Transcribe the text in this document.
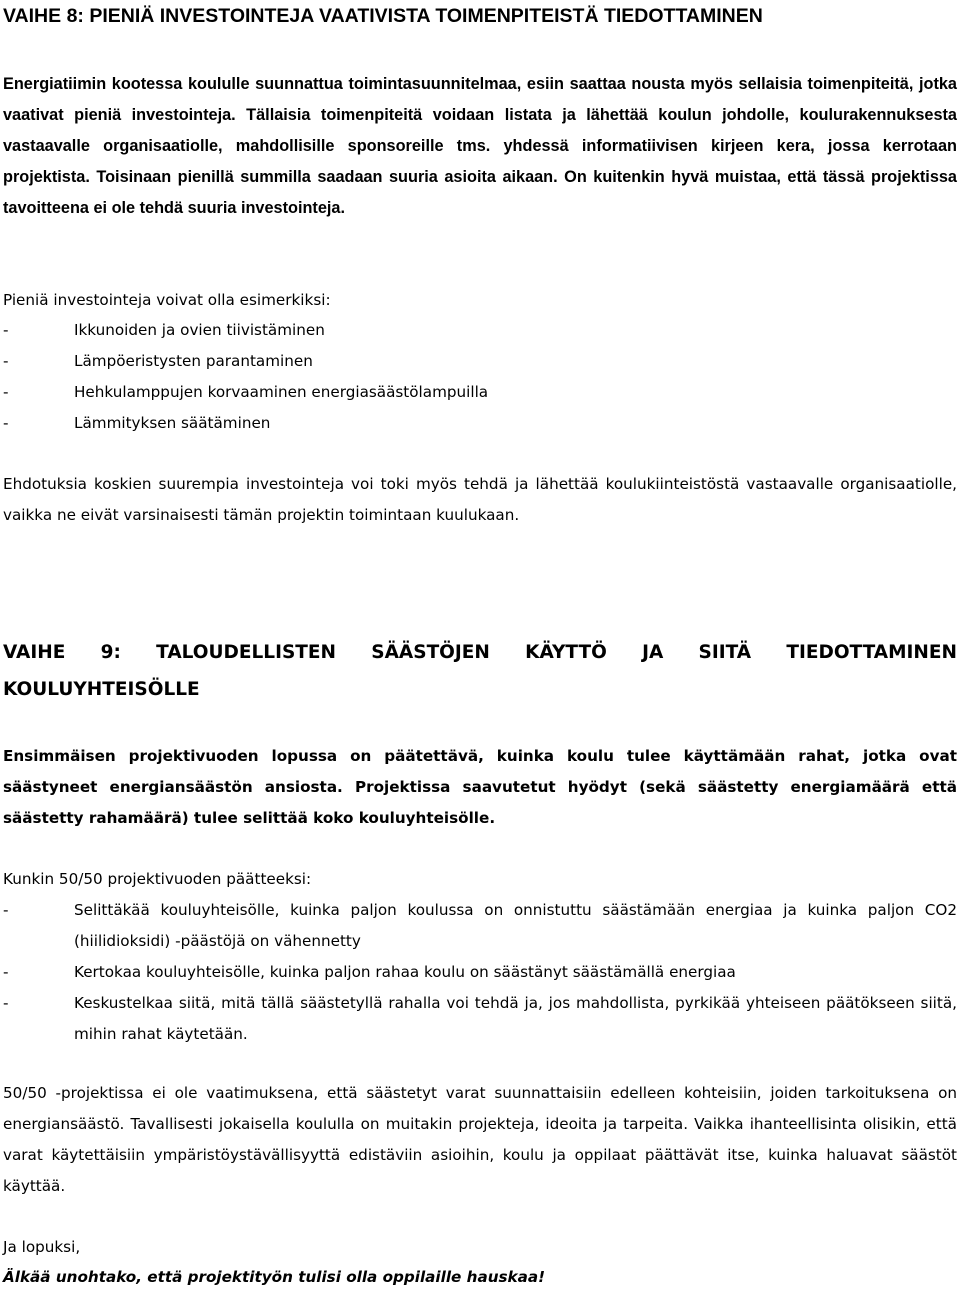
VAIHE 8: PIENIÄ INVESTOINTEJA VAATIVISTA TOIMENPITEISTÄ TIEDOTTAMINEN

Energiatiimin kootessa koululle suunnattua toimintasuunnitelmaa, esiin saattaa nousta myös sellaisia toimenpiteitä, jotka vaativat pieniä investointeja. Tällaisia toimenpiteitä voidaan listata ja lähettää koulun johdolle, koulurakennuksesta vastaavalle organisaatiolle, mahdollisille sponsoreille tms. yhdessä informatiivisen kirjeen kera, jossa kerrotaan projektista. Toisinaan pienillä summilla saadaan suuria asioita aikaan. On kuitenkin hyvä muistaa, että tässä projektissa tavoitteena ei ole tehdä suuria investointeja.

Pieniä investointeja voivat olla esimerkiksi:

-	Ikkunoiden ja ovien tiivistäminen
-	Lämpöeristysten parantaminen
-	Hehkulamppujen korvaaminen energiasäästölampuilla
-	Lämmityksen säätäminen

Ehdotuksia koskien suurempia investointeja voi toki myös tehdä ja lähettää koulukiinteistöstä vastaavalle organisaatiolle, vaikka ne eivät varsinaisesti tämän projektin toimintaan kuulukaan.

VAIHE 9: TALOUDELLISTEN SÄÄSTÖJEN KÄYTTÖ JA SIITÄ TIEDOTTAMINEN
KOULUYHTEISÖLLE

Ensimmäisen projektivuoden lopussa on päätettävä, kuinka koulu tulee käyttämään rahat, jotka ovat säästyneet energiansäästön ansiosta. Projektissa saavutetut hyödyt (sekä säästetty energiamäärä että säästetty rahamäärä) tulee selittää koko kouluyhteisölle.

Kunkin 50/50 projektivuoden päätteeksi:

-	Selittäkää kouluyhteisölle, kuinka paljon koulussa on onnistuttu säästämään energiaa ja kuinka paljon CO2 (hiilidioksidi) -päästöjä on vähennetty
-	Kertokaa kouluyhteisölle, kuinka paljon rahaa koulu on säästänyt säästämällä energiaa
-	Keskustelkaa siitä, mitä tällä säästetyllä rahalla voi tehdä ja, jos mahdollista, pyrkikää yhteiseen päätökseen siitä, mihin rahat käytetään.

50/50 -projektissa ei ole vaatimuksena, että säästetyt varat suunnattaisiin edelleen kohteisiin, joiden tarkoituksena on energiansäästö. Tavallisesti jokaisella koululla on muitakin projekteja, ideoita ja tarpeita. Vaikka ihanteellisinta olisikin, että varat käytettäisiin ympäristöystävällisyyttä edistäviin asioihin, koulu ja oppilaat päättävät itse, kuinka haluavat säästöt käyttää.

Ja lopuksi,

Älkää unohtako, että projektityön tulisi olla oppilaille hauskaa!
